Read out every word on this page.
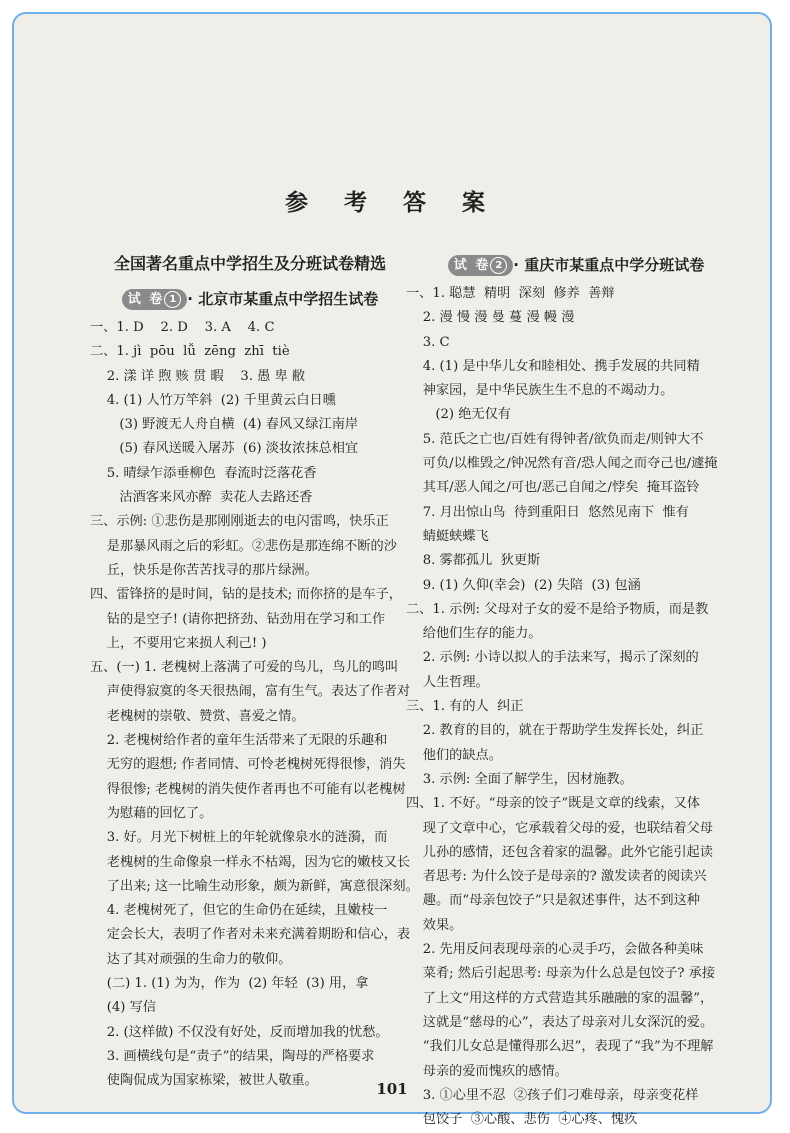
参 考 答 案
全国著名重点中学招生及分班试卷精选
试 卷 1 · 北京市某重点中学招生试卷
一、1. D    2. D    3. A    4. C
二、1. jì  pōu  lǚ  zēng  zhī  tiè
2. 漾 详 煦 赅 贯 暇    3. 愚 卑 敝
4. (1) 人竹万竿斜  (2) 千里黄云白日曛
(3) 野渡无人舟自横  (4) 春风又绿江南岸
(5) 春风送暖入屠苏  (6) 淡妆浓抹总相宜
5. 晴绿乍添垂柳色  春流时泛落花香
沽酒客来风亦醉  卖花人去路还香
三、示例: ①悲伤是那刚刚逝去的电闪雷鸣，快乐正
是那暴风雨之后的彩虹。②悲伤是那连绵不断的沙
丘，快乐是你苦苦找寻的那片绿洲。
四、雷锋挤的是时间，钻的是技术; 而你挤的是车子，
钻的是空子! (请你把挤劲、钻劲用在学习和工作
上，不要用它来损人利己! )
五、(一) 1. 老槐树上落满了可爱的鸟儿，鸟儿的鸣叫
声使得寂寞的冬天很热闹，富有生气。表达了作者对
老槐树的崇敬、赞赏、喜爱之情。
2. 老槐树给作者的童年生活带来了无限的乐趣和
无穷的遐想; 作者同情、可怜老槐树死得很惨，消失
得很惨; 老槐树的消失使作者再也不可能有以老槐树
为慰藉的回忆了。
3. 好。月光下树桩上的年轮就像泉水的涟漪，而
老槐树的生命像泉一样永不枯竭，因为它的嫩枝又长
了出来; 这一比喻生动形象，颇为新鲜，寓意很深刻。
4. 老槐树死了，但它的生命仍在延续，且嫩枝一
定会长大，表明了作者对未来充满着期盼和信心，表
达了其对顽强的生命力的敬仰。
(二) 1. (1) 为为，作为  (2) 年轻  (3) 用，拿
(4) 写信
2. (这样做) 不仅没有好处，反而增加我的忧愁。
3. 画横线句是“责子”的结果，陶母的严格要求
使陶侃成为国家栋梁，被世人敬重。
试 卷 2 · 重庆市某重点中学分班试卷
一、1. 聪慧  精明  深刻  修养  善辩
2. 漫 慢 漫 曼 蔓 漫 幔 漫
3. C
4. (1) 是中华儿女和睦相处、携手发展的共同精
神家园，是中华民族生生不息的不竭动力。
(2) 绝无仅有
5. 范氏之亡也/百姓有得钟者/欲负而走/则钟大不
可负/以椎毁之/钟况然有音/恐人闻之而夺己也/遽掩
其耳/恶人闻之/可也/恶己自闻之/悖矣  掩耳盗铃
7. 月出惊山鸟  待到重阳日  悠然见南下  惟有
蜻蜓蛱蝶飞
8. 雾都孤儿  狄更斯
9. (1) 久仰(幸会)  (2) 失陪  (3) 包涵
二、1. 示例: 父母对子女的爱不是给予物质，而是教
给他们生存的能力。
2. 示例: 小诗以拟人的手法来写，揭示了深刻的
人生哲理。
三、1. 有的人  纠正
2. 教育的目的，就在于帮助学生发挥长处，纠正
他们的缺点。
3. 示例: 全面了解学生，因材施教。
四、1. 不好。“母亲的饺子”既是文章的线索，又体
现了文章中心，它承载着父母的爱，也联结着父母
儿孙的感情，还包含着家的温馨。此外它能引起读
者思考: 为什么饺子是母亲的? 激发读者的阅读兴
趣。而“母亲包饺子”只是叙述事件，达不到这种
效果。
2. 先用反问表现母亲的心灵手巧，会做各种美味
菜肴; 然后引起思考: 母亲为什么总是包饺子? 承接
了上文“用这样的方式营造其乐融融的家的温馨”，
这就是“慈母的心”，表达了母亲对儿女深沉的爱。
“我们儿女总是懂得那么迟”，表现了“我”为不理解
母亲的爱而愧疚的感情。
3. ①心里不忍  ②孩子们刁难母亲，母亲变花样
包饺子  ③心酸、悲伤  ④心疼、愧疚
101
